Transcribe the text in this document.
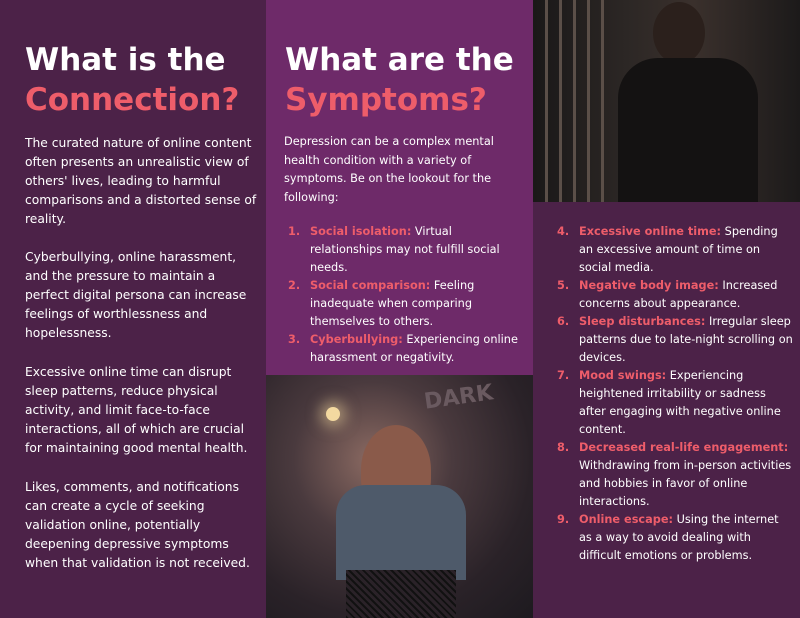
What is the
Connection?

The curated nature of online content often presents an unrealistic view of others' lives, leading to harmful comparisons and a distorted sense of reality.

Cyberbullying, online harassment, and the pressure to maintain a perfect digital persona can increase feelings of worthlessness and hopelessness.

Excessive online time can disrupt sleep patterns, reduce physical activity, and limit face-to-face interactions, all of which are crucial for maintaining good mental health.

Likes, comments, and notifications can create a cycle of seeking validation online, potentially deepening depressive symptoms when that validation is not received.

What are the
Symptoms?

Depression can be a complex mental health condition with a variety of symptoms. Be on the lookout for the following:

1. Social isolation: Virtual relationships may not fulfill social needs.
2. Social comparison: Feeling inadequate when comparing themselves to others.
3. Cyberbullying: Experiencing online harassment or negativity.
DARK
4. Excessive online time: Spending an excessive amount of time on social media.
5. Negative body image: Increased concerns about appearance.
6. Sleep disturbances: Irregular sleep patterns due to late-night scrolling on devices.
7. Mood swings: Experiencing heightened irritability or sadness after engaging with negative online content.
8. Decreased real-life engagement: Withdrawing from in-person activities and hobbies in favor of online interactions.
9. Online escape: Using the internet as a way to avoid dealing with difficult emotions or problems.
